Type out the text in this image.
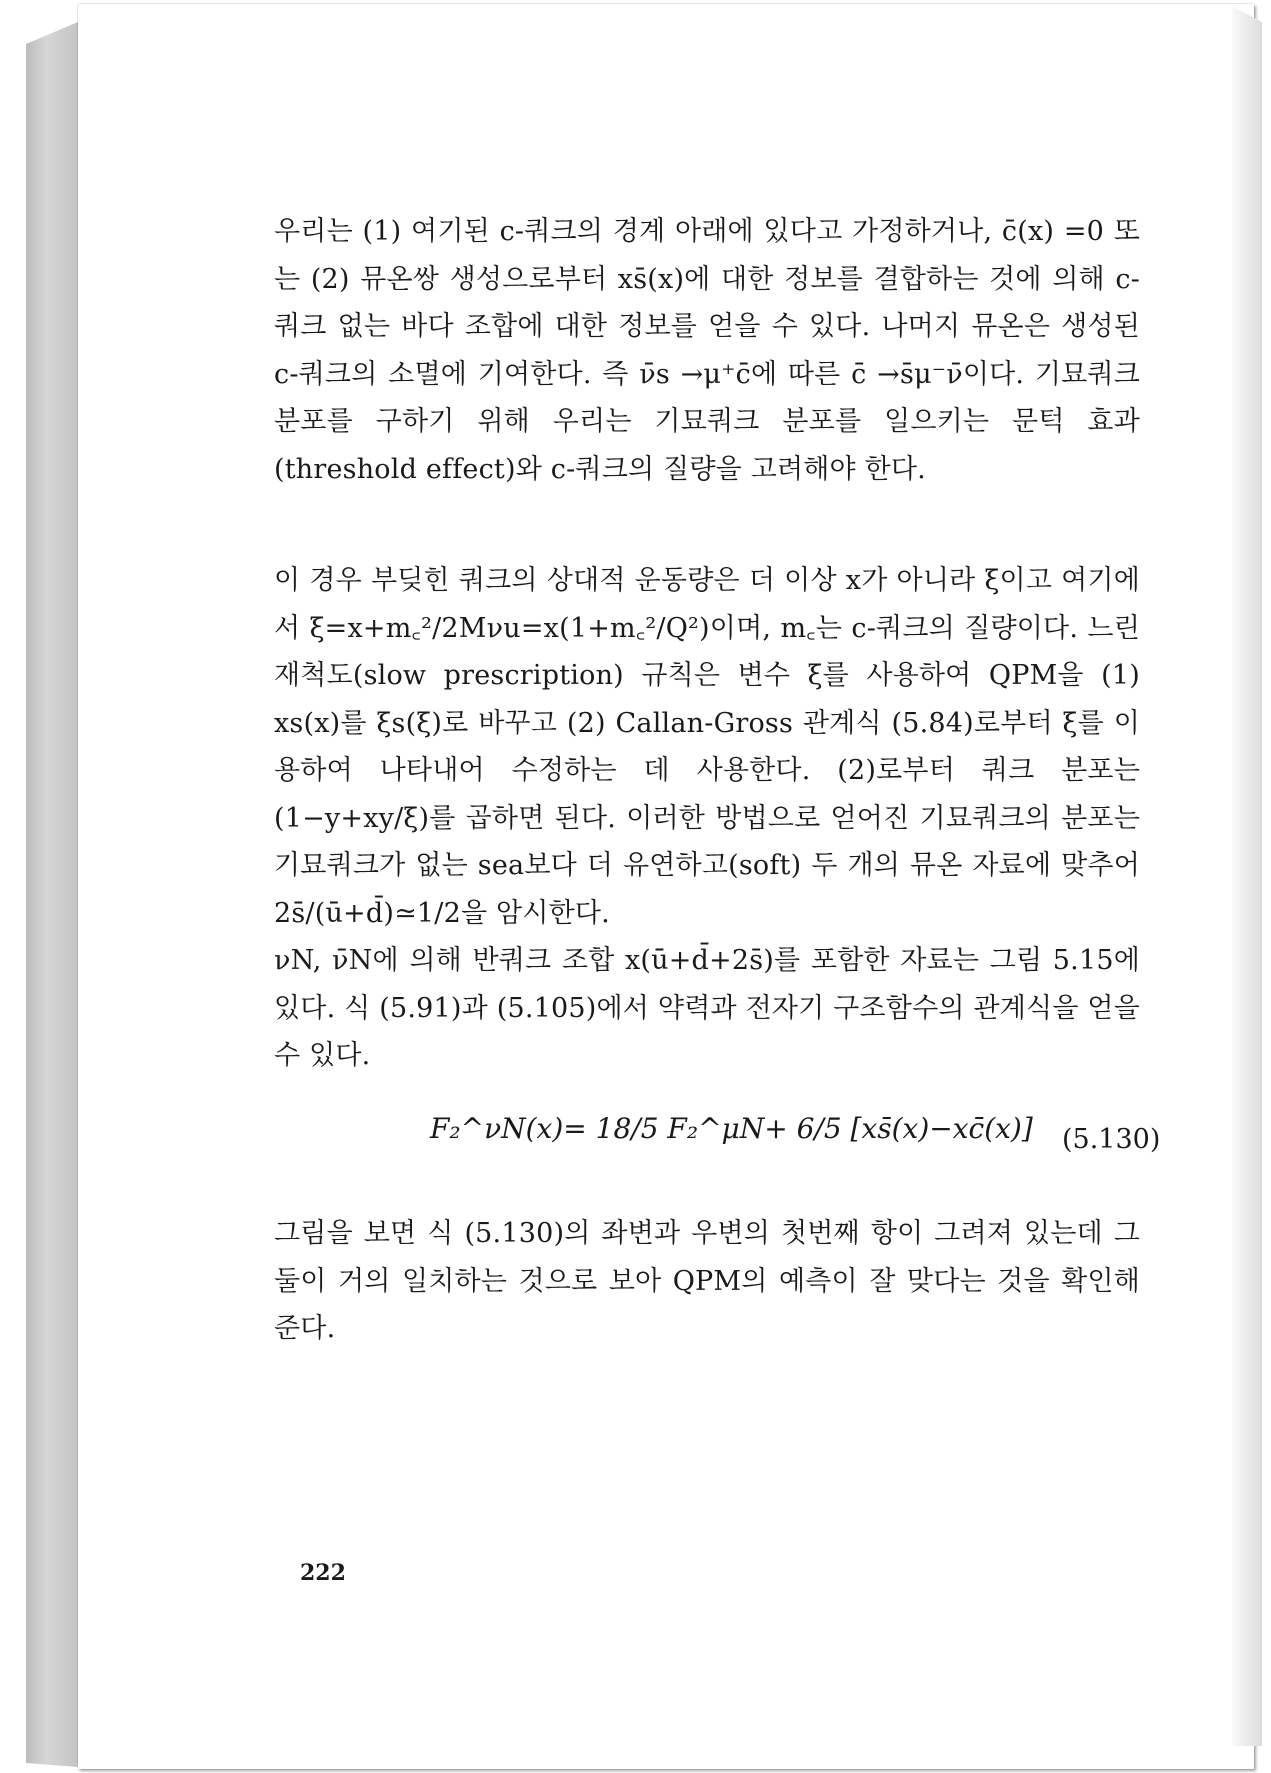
우리는 (1) 여기된 c-쿼크의 경계 아래에 있다고 가정하거나, c̄(x) =0 또는 (2) 뮤온쌍 생성으로부터 xs̄(x)에 대한 정보를 결합하는 것에 의해 c-쿼크 없는 바다 조합에 대한 정보를 얻을 수 있다. 나머지 뮤온은 생성된 c-쿼크의 소멸에 기여한다. 즉 ν̄s →μ⁺c̄에 따른 c̄ →s̄μ⁻ν̄이다. 기묘쿼크 분포를 구하기 위해 우리는 기묘쿼크 분포를 일으키는 문턱 효과(threshold effect)와 c-쿼크의 질량을 고려해야 한다.

이 경우 부딪힌 쿼크의 상대적 운동량은 더 이상 x가 아니라 ξ이고 여기에서 ξ=x+m꜀²/2Mνu=x(1+m꜀²/Q²)이며, m꜀는 c-쿼크의 질량이다. 느린 재척도(slow prescription) 규칙은 변수 ξ를 사용하여 QPM을 (1) xs(x)를 ξs(ξ)로 바꾸고 (2) Callan-Gross 관계식 (5.84)로부터 ξ를 이용하여 나타내어 수정하는 데 사용한다. (2)로부터 쿼크 분포는 (1−y+xy/ξ)를 곱하면 된다. 이러한 방법으로 얻어진 기묘쿼크의 분포는 기묘쿼크가 없는 sea보다 더 유연하고(soft) 두 개의 뮤온 자료에 맞추어 2s̄/(ū+d̄)≃1/2을 암시한다.

νN, ν̄N에 의해 반쿼크 조합 x(ū+d̄+2s̄)를 포함한 자료는 그림 5.15에 있다. 식 (5.91)과 (5.105)에서 약력과 전자기 구조함수의 관계식을 얻을 수 있다.

F₂^νN(x)= 18/5 F₂^μN+ 6/5 [xs̄(x)−xc̄(x)] (5.130)

그림을 보면 식 (5.130)의 좌변과 우변의 첫번째 항이 그려져 있는데 그 둘이 거의 일치하는 것으로 보아 QPM의 예측이 잘 맞다는 것을 확인해 준다.

222
